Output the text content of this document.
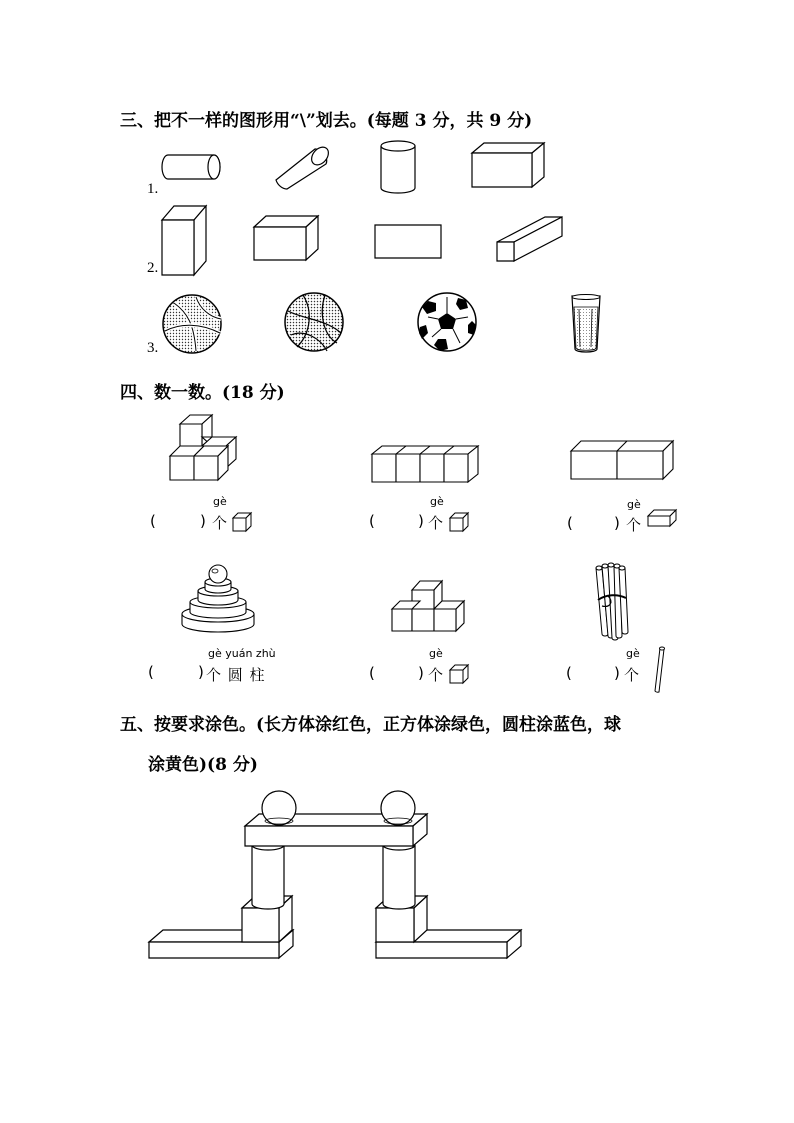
三、把不一样的图形用“\”划去。(每题 3 分，共 9 分)
1.
2.
3.
四、数一数。(18 分)
gè
(	) 个
gè
(	) 个
gè
(	) 个
gè yuán zhù
(	) 个 圆 柱
gè
(	) 个
gè
(	) 个
五、按要求涂色。(长方体涂红色，正方体涂绿色，圆柱涂蓝色，球
涂黄色)(8 分)
